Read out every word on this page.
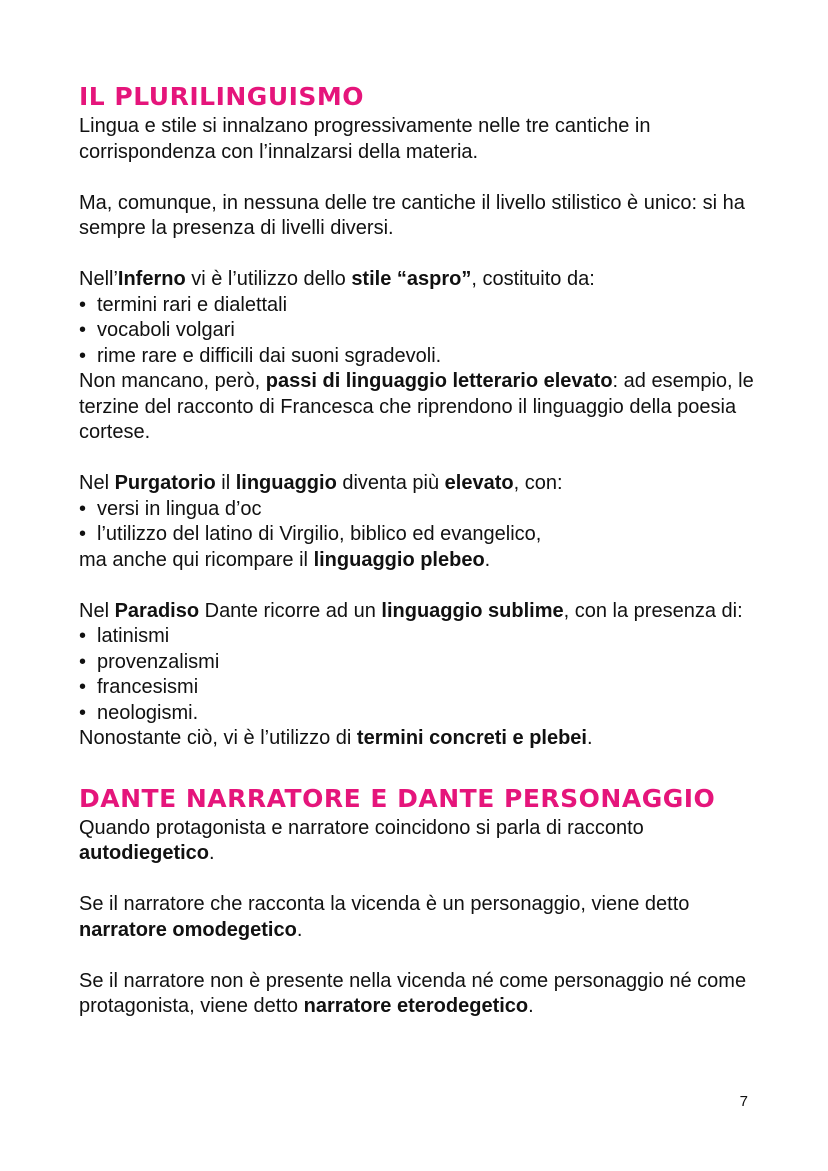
IL PLURILINGUISMO

Lingua e stile si innalzano progressivamente nelle tre cantiche in corrispondenza con l’innalzarsi della materia.

Ma, comunque, in nessuna delle tre cantiche il livello stilistico è unico: si ha sempre la presenza di livelli diversi.

Nell’Inferno vi è l’utilizzo dello stile “aspro”, costituito da:

• termini rari e dialettali
• vocaboli volgari
• rime rare e difficili dai suoni sgradevoli.

Non mancano, però, passi di linguaggio letterario elevato: ad esempio, le terzine del racconto di Francesca che riprendono il linguaggio della poesia cortese.

Nel Purgatorio il linguaggio diventa più elevato, con:

• versi in lingua d’oc
• l’utilizzo del latino di Virgilio, biblico ed evangelico,

ma anche qui ricompare il linguaggio plebeo.

Nel Paradiso Dante ricorre ad un linguaggio sublime, con la presenza di:

• latinismi
• provenzalismi
• francesismi
• neologismi.

Nonostante ciò, vi è l’utilizzo di termini concreti e plebei.

DANTE NARRATORE E DANTE PERSONAGGIO

Quando protagonista e narratore coincidono si parla di racconto autodiegetico.

Se il narratore che racconta la vicenda è un personaggio, viene detto narratore omodegetico.

Se il narratore non è presente nella vicenda né come personaggio né come protagonista, viene detto narratore eterodegetico.

7
